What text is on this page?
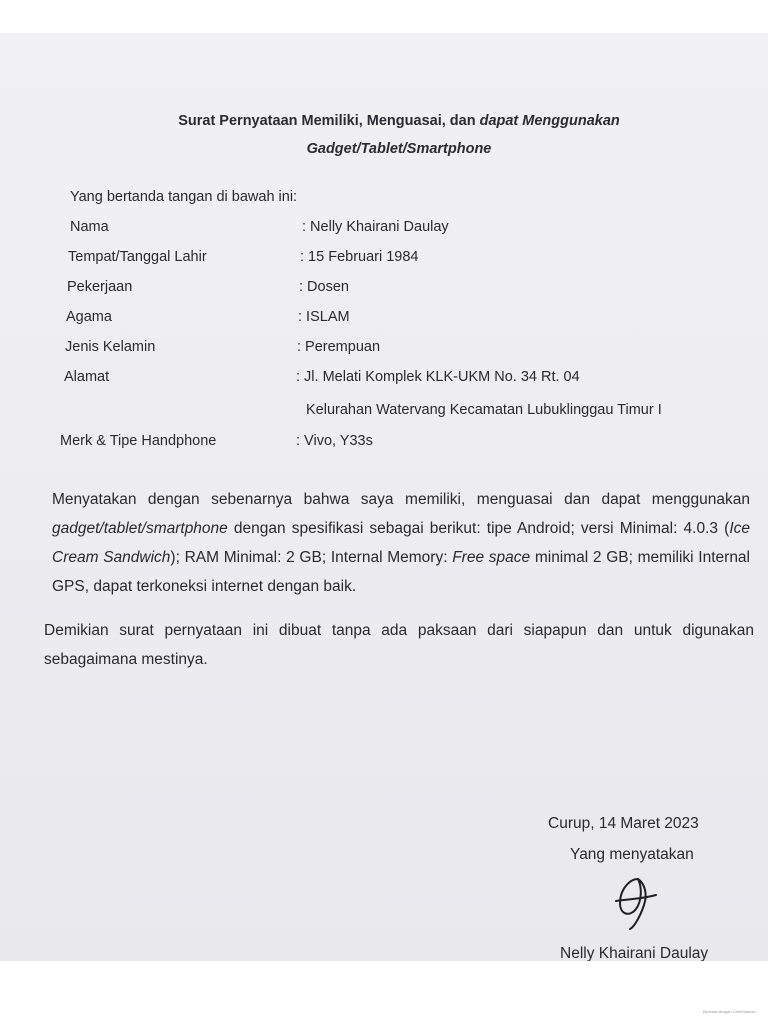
Surat Pernyataan Memiliki, Menguasai, dan dapat Menggunakan
Gadget/Tablet/Smartphone
Yang bertanda tangan di bawah ini:
Nama	: Nelly Khairani Daulay
Tempat/Tanggal Lahir	: 15 Februari 1984
Pekerjaan	: Dosen
Agama	: ISLAM
Jenis Kelamin	: Perempuan
Alamat	: Jl. Melati Komplek KLK-UKM No. 34 Rt. 04
Kelurahan Watervang Kecamatan Lubuklinggau Timur I
Merk & Tipe Handphone	: Vivo, Y33s

Menyatakan dengan sebenarnya bahwa saya memiliki, menguasai dan dapat menggunakan gadget/tablet/smartphone dengan spesifikasi sebagai berikut: tipe Android; versi Minimal: 4.0.3 (Ice Cream Sandwich); RAM Minimal: 2 GB; Internal Memory: Free space minimal 2 GB; memiliki Internal GPS, dapat terkoneksi internet dengan baik.

Demikian surat pernyataan ini dibuat tanpa ada paksaan dari siapapun dan untuk digunakan sebagaimana mestinya.

Curup, 14 Maret 2023
Yang menyatakan
Nelly Khairani Daulay
Dipindai dengan CamScanner
